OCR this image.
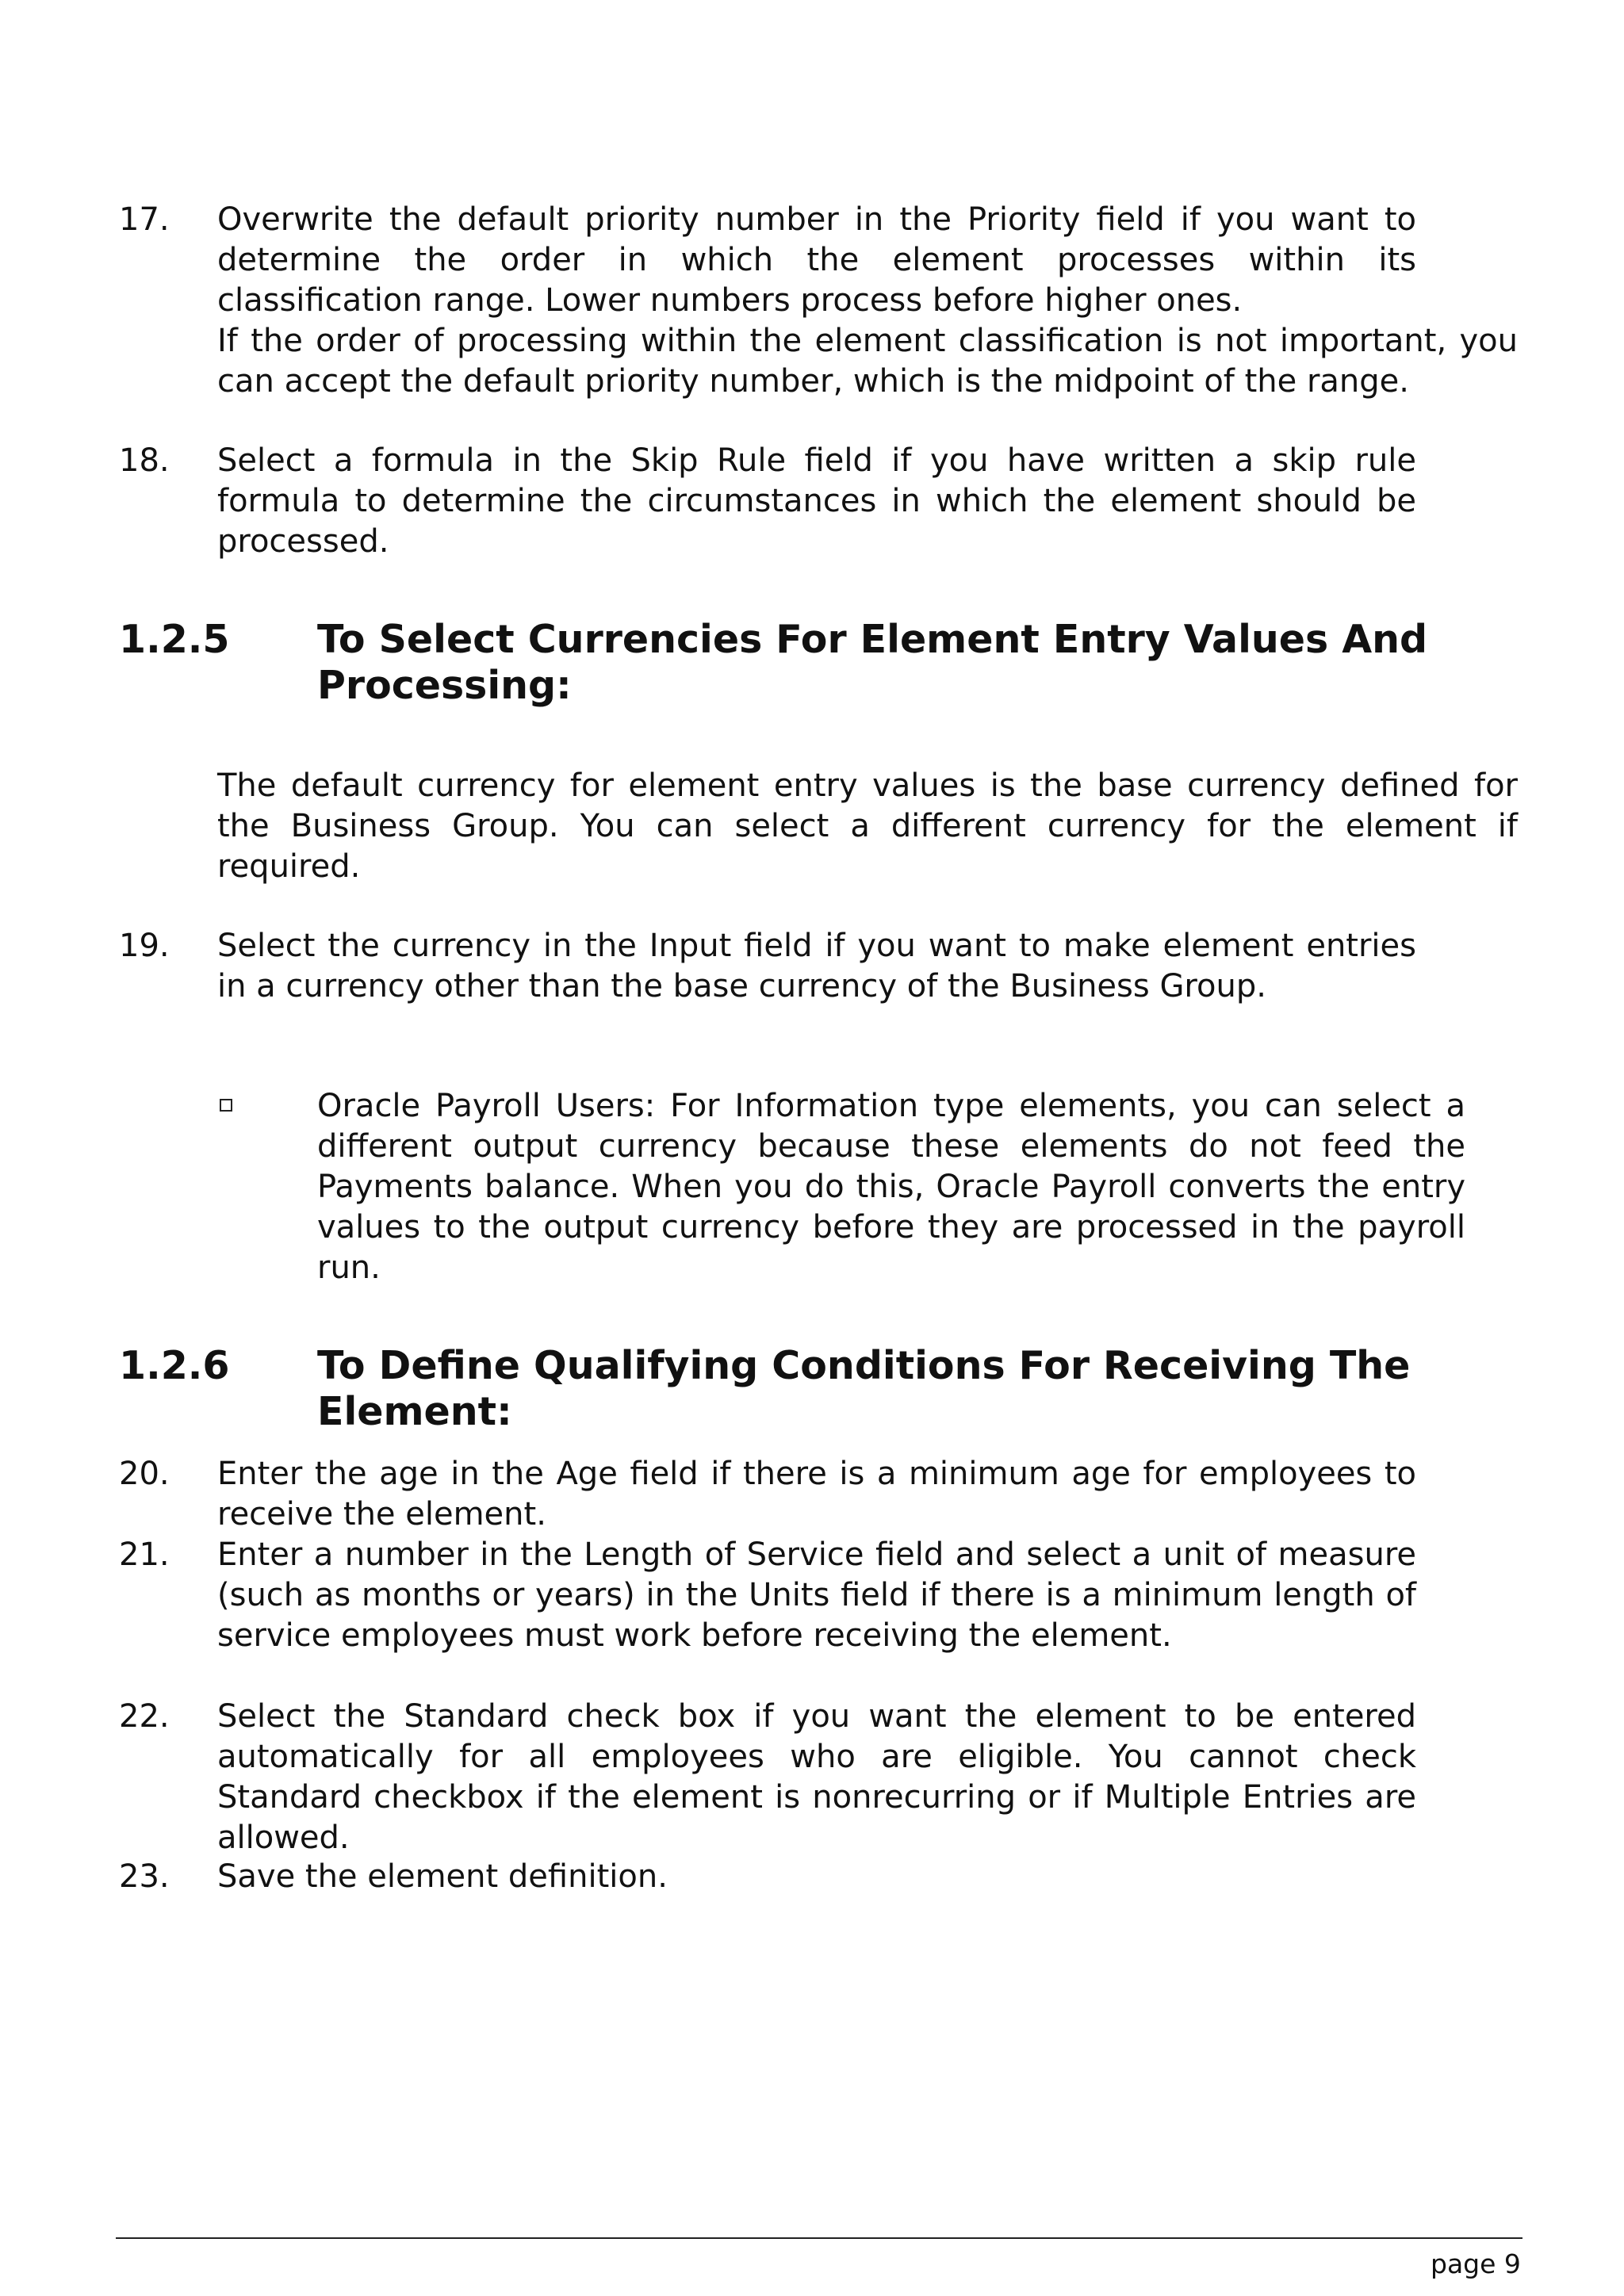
17. Overwrite the default priority number in the Priority field if you want to determine the order in which the element processes within its classification range. Lower numbers process before higher ones.

If the order of processing within the element classification is not important, you can accept the default priority number, which is the midpoint of the range.

18. Select a formula in the Skip Rule field if you have written a skip rule formula to determine the circumstances in which the element should be processed.
1.2.5 To Select Currencies For Element Entry Values And Processing:
The default currency for element entry values is the base currency defined for the Business Group. You can select a different currency for the element if required.
19. Select the currency in the Input field if you want to make element entries in a currency other than the base currency of the Business Group.
Oracle Payroll Users: For Information type elements, you can select a different output currency because these elements do not feed the Payments balance. When you do this, Oracle Payroll converts the entry values to the output currency before they are processed in the payroll run.
1.2.6 To Define Qualifying Conditions For Receiving The Element:
20. Enter the age in the Age field if there is a minimum age for employees to receive the element.
21. Enter a number in the Length of Service field and select a unit of measure (such as months or years) in the Units field if there is a minimum length of service employees must work before receiving the element.
22. Select the Standard check box if you want the element to be entered automatically for all employees who are eligible. You cannot check Standard checkbox if the element is nonrecurring or if Multiple Entries are allowed.
23. Save the element definition.
page 9
